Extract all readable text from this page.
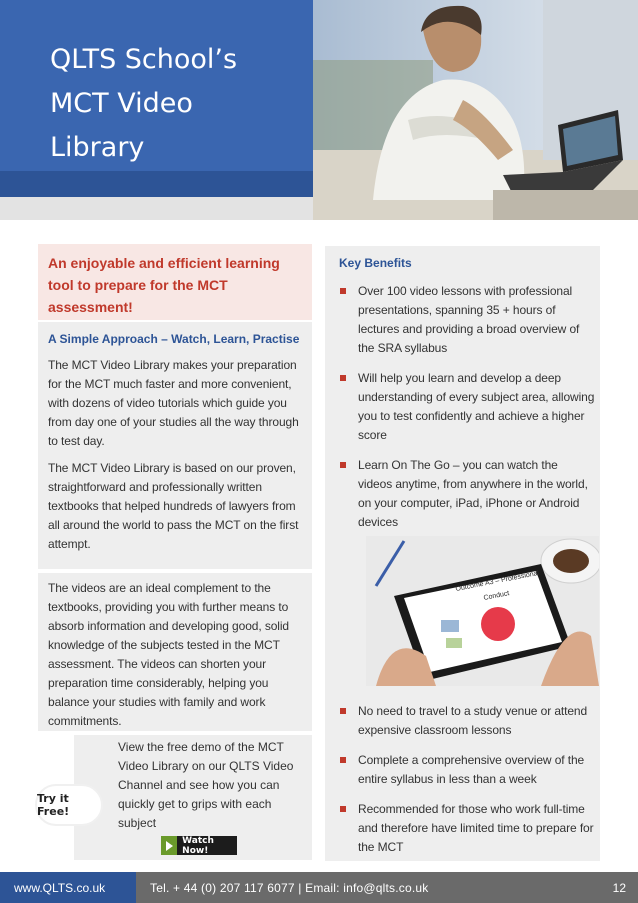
QLTS School’s
MCT Video
Library

An enjoyable and efficient learning tool to prepare for the MCT assessment!

A Simple Approach – Watch, Learn, Practise

The MCT Video Library makes your preparation for the MCT much faster and more convenient, with dozens of video tutorials which guide you from day one of your studies all the way through to test day.

The MCT Video Library is based on our proven, straightforward and professionally written textbooks that helped hundreds of lawyers from all around the world to pass the MCT on the first attempt.

The videos are an ideal complement to the textbooks, providing you with further means to absorb information and developing good, solid knowledge of the subjects tested in the MCT assessment. The videos can shorten your preparation time considerably, helping you balance your studies with family and work commitments.

View the free demo of the MCT Video Library on our QLTS Video Channel and see how you can quickly get to grips with each subject

Try it Free!
Watch Now!
Key Benefits
Over 100 video lessons with professional presentations, spanning 35 + hours of lectures and providing a broad overview of the SRA syllabus
Will help you learn and develop a deep understanding of every subject area, allowing you to test confidently and achieve a higher score
Learn On The Go – you can watch the videos anytime, from anywhere in the world, on your computer, iPad, iPhone or Android devices
Outcome A3 – Professional
Conduct
No need to travel to a study venue or attend expensive classroom lessons
Complete a comprehensive overview of the entire syllabus in less than a week
Recommended for those who work full-time and therefore have limited time to prepare for the MCT
www.QLTS.co.uk	Tel. + 44 (0) 207 117 6077 | Email: info@qlts.co.uk	12
